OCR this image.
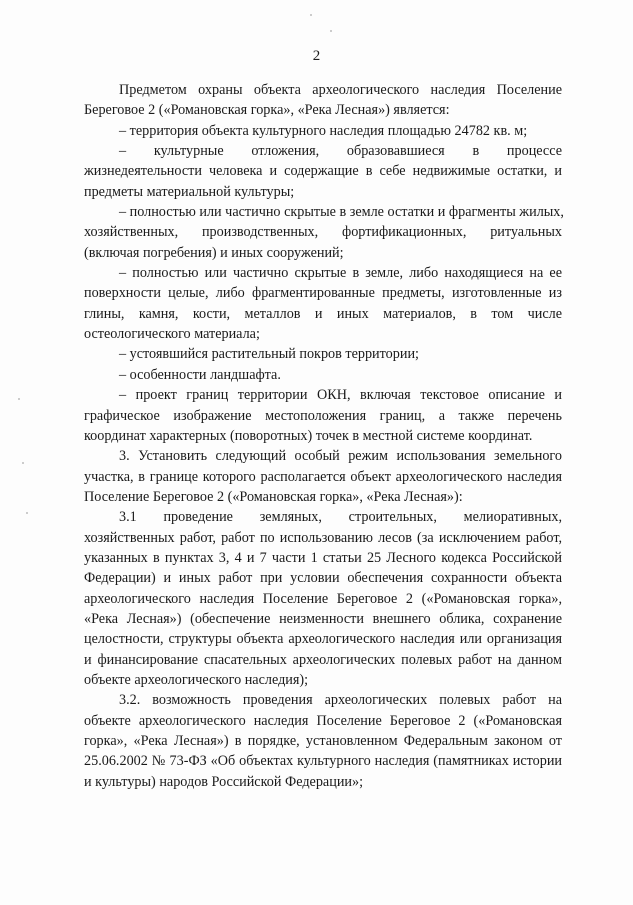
2
Предметом охраны объекта археологического наследия Поселение
Береговое 2 («Романовская горка», «Река Лесная») является:
– территория объекта культурного наследия площадью 24782 кв. м;
– культурные отложения, образовавшиеся в процессе
жизнедеятельности человека и содержащие в себе недвижимые остатки, и
предметы материальной культуры;
– полностью или частично скрытые в земле остатки и фрагменты жилых,
хозяйственных, производственных, фортификационных, ритуальных
(включая погребения) и иных сооружений;
– полностью или частично скрытые в земле, либо находящиеся на ее
поверхности целые, либо фрагментированные предметы, изготовленные из
глины, камня, кости, металлов и иных материалов, в том числе
остеологического материала;
– устоявшийся растительный покров территории;
– особенности ландшафта.
– проект границ территории ОКН, включая текстовое описание и
графическое изображение местоположения границ, а также перечень
координат характерных (поворотных) точек в местной системе координат.
3. Установить следующий особый режим использования земельного
участка, в границе которого располагается объект археологического наследия
Поселение Береговое 2 («Романовская горка», «Река Лесная»):
3.1 проведение земляных, строительных, мелиоративных,
хозяйственных работ, работ по использованию лесов (за исключением работ,
указанных в пунктах 3, 4 и 7 части 1 статьи 25 Лесного кодекса Российской
Федерации) и иных работ при условии обеспечения сохранности объекта
археологического наследия Поселение Береговое 2 («Романовская горка»,
«Река Лесная») (обеспечение неизменности внешнего облика, сохранение
целостности, структуры объекта археологического наследия или организация
и финансирование спасательных археологических полевых работ на данном
объекте археологического наследия);
3.2. возможность проведения археологических полевых работ на
объекте археологического наследия Поселение Береговое 2 («Романовская
горка», «Река Лесная») в порядке, установленном Федеральным законом от
25.06.2002 № 73-ФЗ «Об объектах культурного наследия (памятниках истории
и культуры) народов Российской Федерации»;
